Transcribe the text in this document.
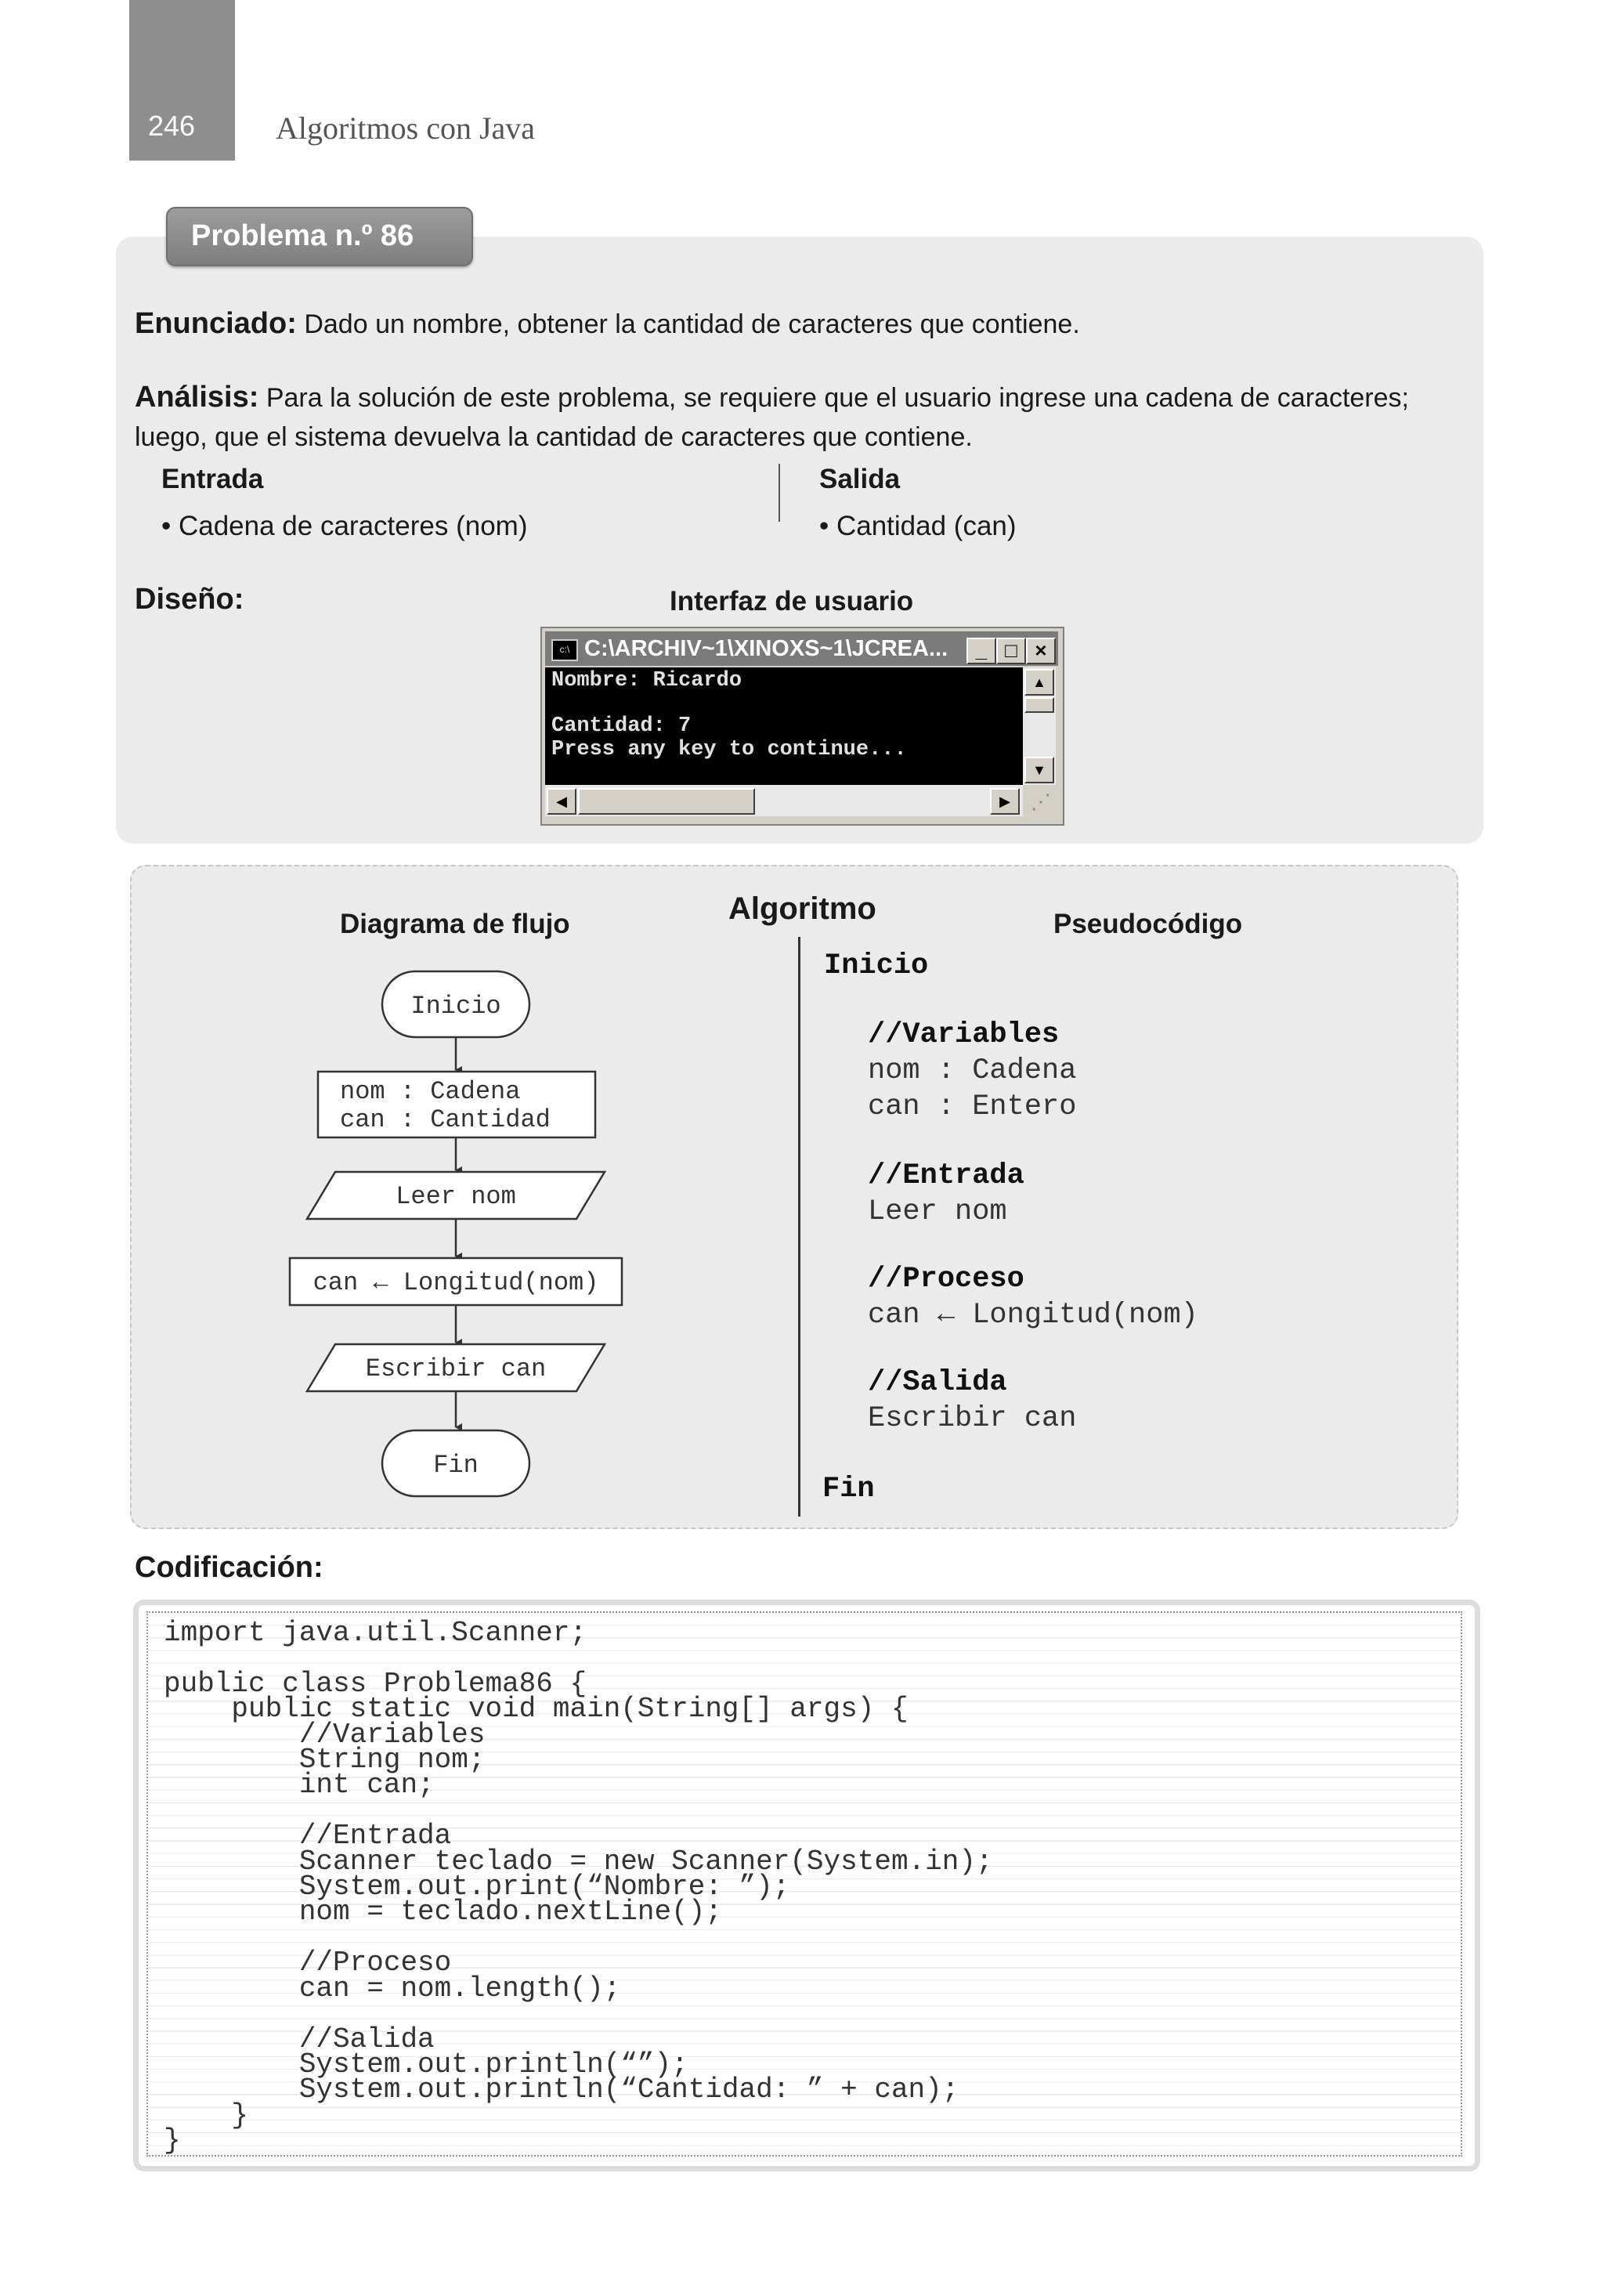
246	Algoritmos con Java
Problema n.º 86
Enunciado: Dado un nombre, obtener la cantidad de caracteres que contiene.
Análisis: Para la solución de este problema, se requiere que el usuario ingrese una cadena de caracteres; luego, que el sistema devuelva la cantidad de caracteres que contiene.
Entrada	Salida
• Cadena de caracteres (nom)	• Cantidad (can)
Diseño:	Interfaz de usuario
c:\ C:\ARCHIV~1\XINOXS~1\JCREA...	_ □ ×
Nombre: Ricardo
Cantidad: 7
Press any key to continue...
▲
▼
◀	▶	⋰
Diagrama de flujo	Algoritmo	Pseudocódigo
Inicio
nom : Cadena
can : Cantidad
Leer nom
can ← Longitud(nom)
Escribir can
Fin
Inicio
//Variables
nom : Cadena
can : Entero
//Entrada
Leer nom
//Proceso
can ← Longitud(nom)
//Salida
Escribir can
Fin
Codificación:
import java.util.Scanner;

public class Problema86 {
public static void main(String[] args) {
//Variables
String nom;
int can;

//Entrada
Scanner teclado = new Scanner(System.in);
System.out.print(“Nombre: ”);
nom = teclado.nextLine();

//Proceso
can = nom.length();

//Salida
System.out.println(“”);
System.out.println(“Cantidad: ” + can);
}
}
